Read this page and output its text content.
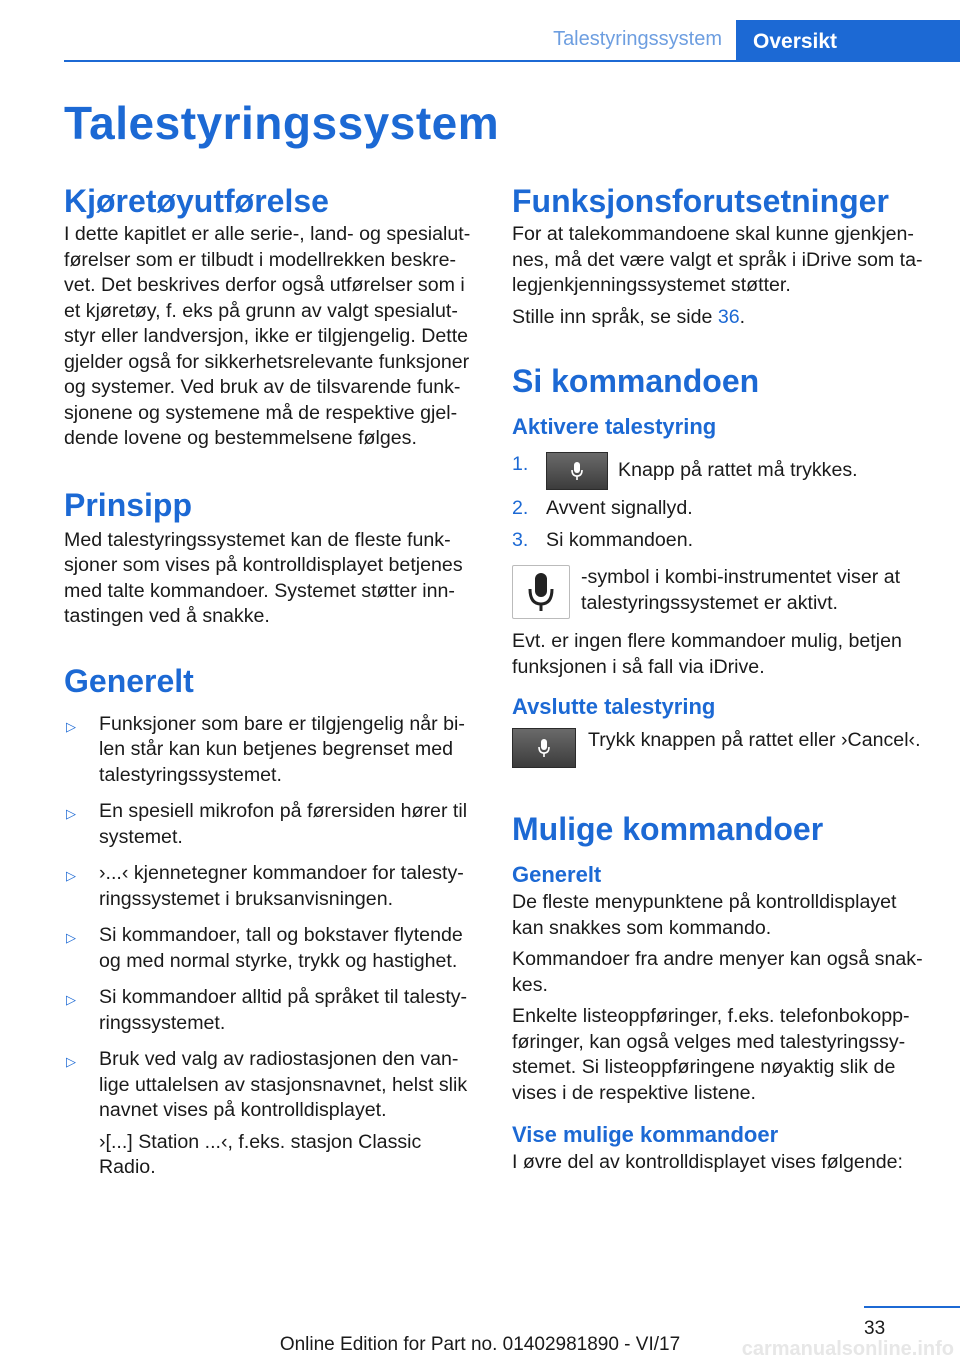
Talestyringssystem	Oversikt
Talestyringssystem
Kjøretøyutførelse

I dette kapitlet er alle serie-, land- og spesialut-førelser som er tilbudt i modellrekken beskre-vet. Det beskrives derfor også utførelser som i et kjøretøy, f. eks på grunn av valgt spesialut-styr eller landversjon, ikke er tilgjengelig. Dette gjelder også for sikkerhetsrelevante funksjoner og systemer. Ved bruk av de tilsvarende funk-sjonene og systemene må de respektive gjel-dende lovene og bestemmelsene følges.

Prinsipp

Med talestyringssystemet kan de fleste funk-sjoner som vises på kontrolldisplayet betjenes med talte kommandoer. Systemet støtter inn-tastingen ved å snakke.

Generelt
▷ Funksjoner som bare er tilgjengelig når bi-len står kan kun betjenes begrenset med talestyringssystemet.
▷ En spesiell mikrofon på førersiden hører til systemet.
▷ ›...‹ kjennetegner kommandoer for talesty-ringssystemet i bruksanvisningen.
▷ Si kommandoer, tall og bokstaver flytende og med normal styrke, trykk og hastighet.
▷ Si kommandoer alltid på språket til talesty-ringssystemet.
▷ Bruk ved valg av radiostasjonen den van-lige uttalelsen av stasjonsnavnet, helst slik navnet vises på kontrolldisplayet.

›[...] Station ...‹, f.eks. stasjon Classic Radio.

Funksjonsforutsetninger

For at talekommandoene skal kunne gjenkjen-nes, må det være valgt et språk i iDrive som ta-legjenkjenningssystemet støtter.

Stille inn språk, se side 36.

Si kommandoen
Aktivere talestyring
1.	Knapp på rattet må trykkes.
2. Avvent signallyd.
3. Si kommandoen.
-symbol i kombi-instrumentet viser at talestyringssystemet er aktivt.

Evt. er ingen flere kommandoer mulig, betjen funksjonen i så fall via iDrive.

Avslutte talestyring
Trykk knappen på rattet eller ›Cancel‹.
Mulige kommandoer
Generelt

De fleste menypunktene på kontrolldisplayet kan snakkes som kommando.

Kommandoer fra andre menyer kan også snak-kes.

Enkelte listeoppføringer, f.eks. telefonbokopp-føringer, kan også velges med talestyringssy-stemet. Si listeoppføringene nøyaktig slik de vises i de respektive listene.

Vise mulige kommandoer

I øvre del av kontrolldisplayet vises følgende:

33
Online Edition for Part no. 01402981890 - VI/17	carmanualsonline.info
